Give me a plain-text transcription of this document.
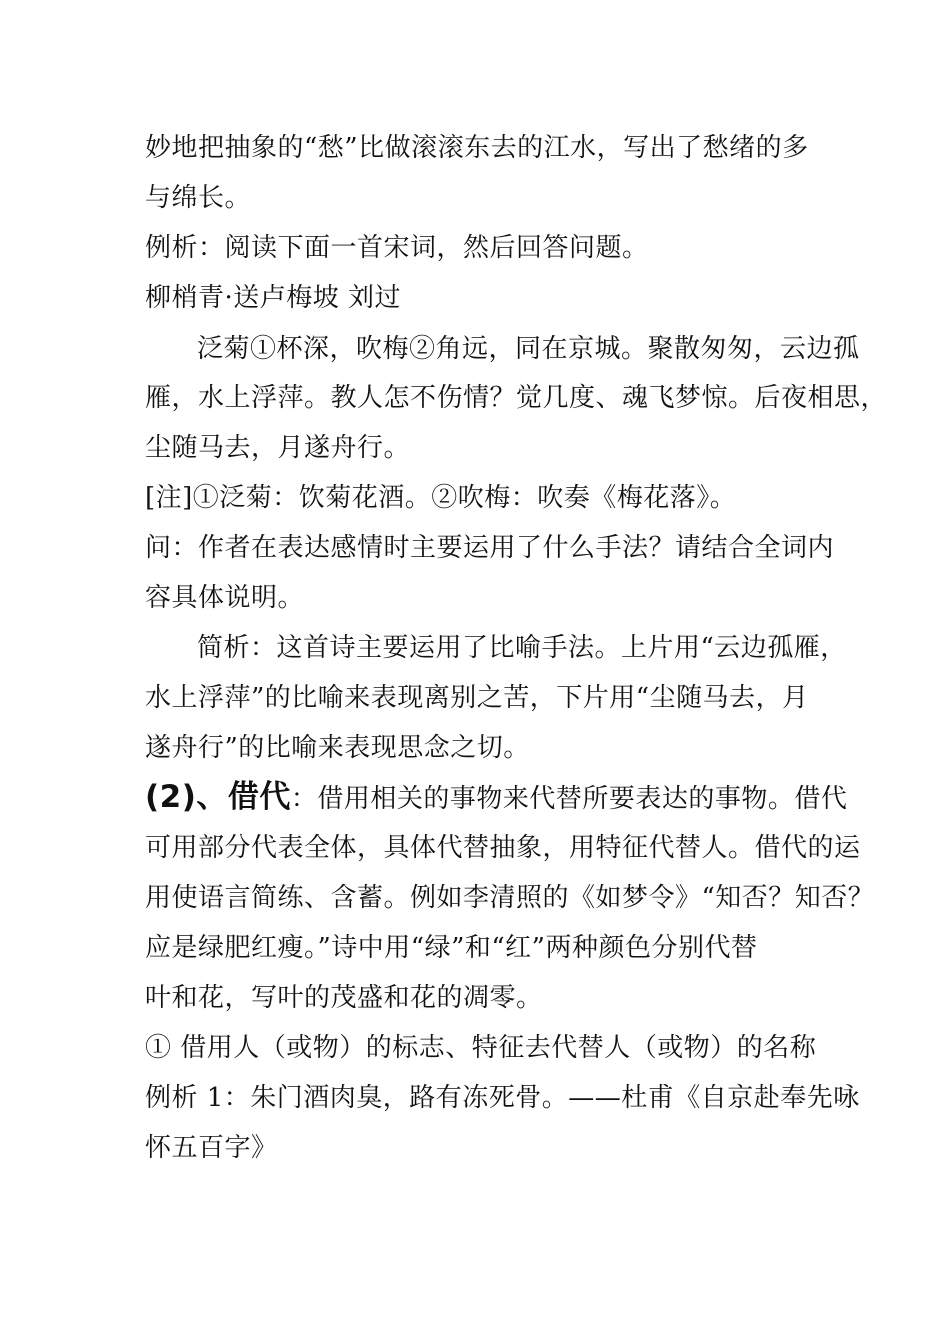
妙地把抽象的“愁”比做滚滚东去的江水，写出了愁绪的多
与绵长。
例析：阅读下面一首宋词，然后回答问题。
柳梢青·送卢梅坡 刘过
泛菊①杯深，吹梅②角远，同在京城。聚散匆匆，云边孤
雁，水上浮萍。教人怎不伤情？觉几度、魂飞梦惊。后夜相思，
尘随马去，月遂舟行。
[注]①泛菊：饮菊花酒。②吹梅：吹奏《梅花落》。
问：作者在表达感情时主要运用了什么手法？请结合全词内
容具体说明。
简析：这首诗主要运用了比喻手法。上片用“云边孤雁，
水上浮萍”的比喻来表现离别之苦，下片用“尘随马去，月
遂舟行”的比喻来表现思念之切。
(2)、借代：借用相关的事物来代替所要表达的事物。借代
可用部分代表全体，具体代替抽象，用特征代替人。借代的运
用使语言简练、含蓄。例如李清照的《如梦令》“知否？知否？
应是绿肥红瘦。”诗中用“绿”和“红”两种颜色分别代替
叶和花，写叶的茂盛和花的凋零。
① 借用人（或物）的标志、特征去代替人（或物）的名称
例析 1：朱门酒肉臭，路有冻死骨。——杜甫《自京赴奉先咏
怀五百字》
